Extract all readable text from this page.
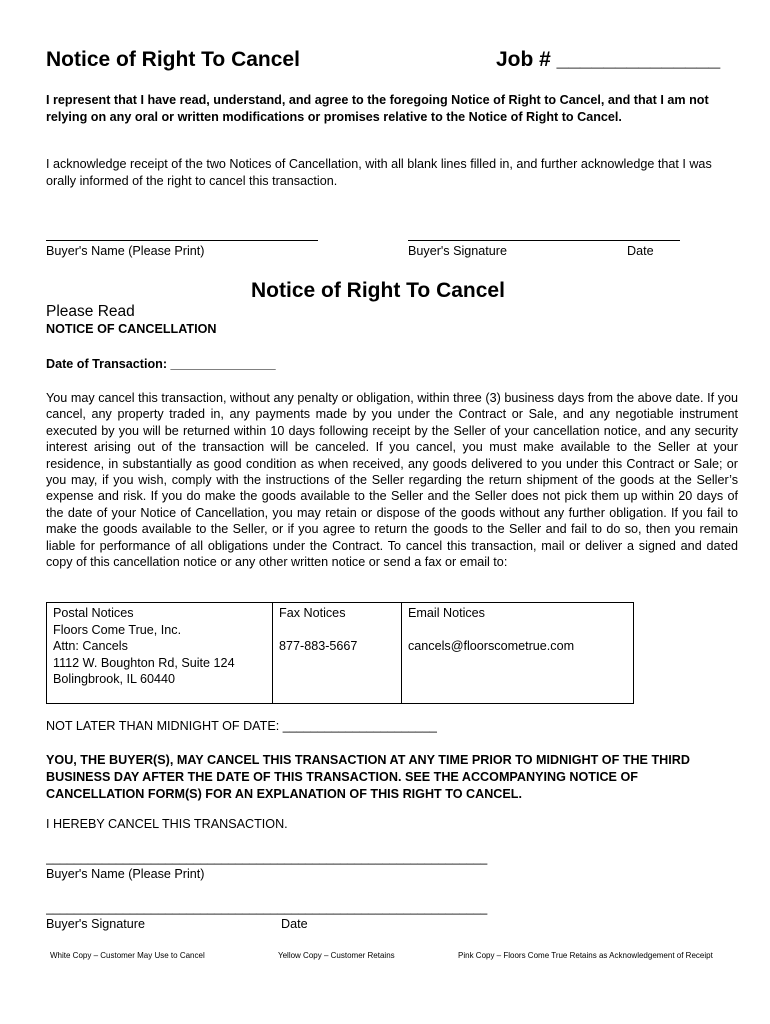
Notice of Right To Cancel	Job # ______________
I represent that I have read, understand, and agree to the foregoing Notice of Right to Cancel, and that I am not relying on any oral or written modifications or promises relative to the Notice of Right to Cancel.
I acknowledge receipt of the two Notices of Cancellation, with all blank lines filled in, and further acknowledge that I was orally informed of the right to cancel this transaction.
Buyer's Name (Please Print)	Buyer's Signature	Date
Notice of Right To Cancel
Please Read
NOTICE OF CANCELLATION
Date of Transaction: _______________
You may cancel this transaction, without any penalty or obligation, within three (3) business days from the above date. If you cancel, any property traded in, any payments made by you under the Contract or Sale, and any negotiable instrument executed by you will be returned within 10 days following receipt by the Seller of your cancellation notice, and any security interest arising out of the transaction will be canceled. If you cancel, you must make available to the Seller at your residence, in substantially as good condition as when received, any goods delivered to you under this Contract or Sale; or you may, if you wish, comply with the instructions of the Seller regarding the return shipment of the goods at the Seller’s expense and risk. If you do make the goods available to the Seller and the Seller does not pick them up within 20 days of the date of your Notice of Cancellation, you may retain or dispose of the goods without any further obligation. If you fail to make the goods available to the Seller, or if you agree to return the goods to the Seller and fail to do so, then you remain liable for performance of all obligations under the Contract. To cancel this transaction, mail or deliver a signed and dated copy of this cancellation notice or any other written notice or send a fax or email to:
Postal Notices
Floors Come True, Inc.
Attn: Cancels
1112 W. Boughton Rd, Suite 124
Bolingbrook, IL 60440

Fax Notices
877-883-5667

Email Notices
cancels@floorscometrue.com
NOT LATER THAN MIDNIGHT OF DATE: ______________________
YOU, THE BUYER(S), MAY CANCEL THIS TRANSACTION AT ANY TIME PRIOR TO MIDNIGHT OF THE THIRD BUSINESS DAY AFTER THE DATE OF THIS TRANSACTION. SEE THE ACCOMPANYING NOTICE OF CANCELLATION FORM(S) FOR AN EXPLANATION OF THIS RIGHT TO CANCEL.
I HEREBY CANCEL THIS TRANSACTION.
_______________________________________________________________
Buyer's Name (Please Print)
_______________________________________________________________
Buyer's Signature	Date
White Copy – Customer May Use to Cancel	Yellow Copy – Customer Retains	Pink Copy – Floors Come True Retains as Acknowledgement of Receipt
